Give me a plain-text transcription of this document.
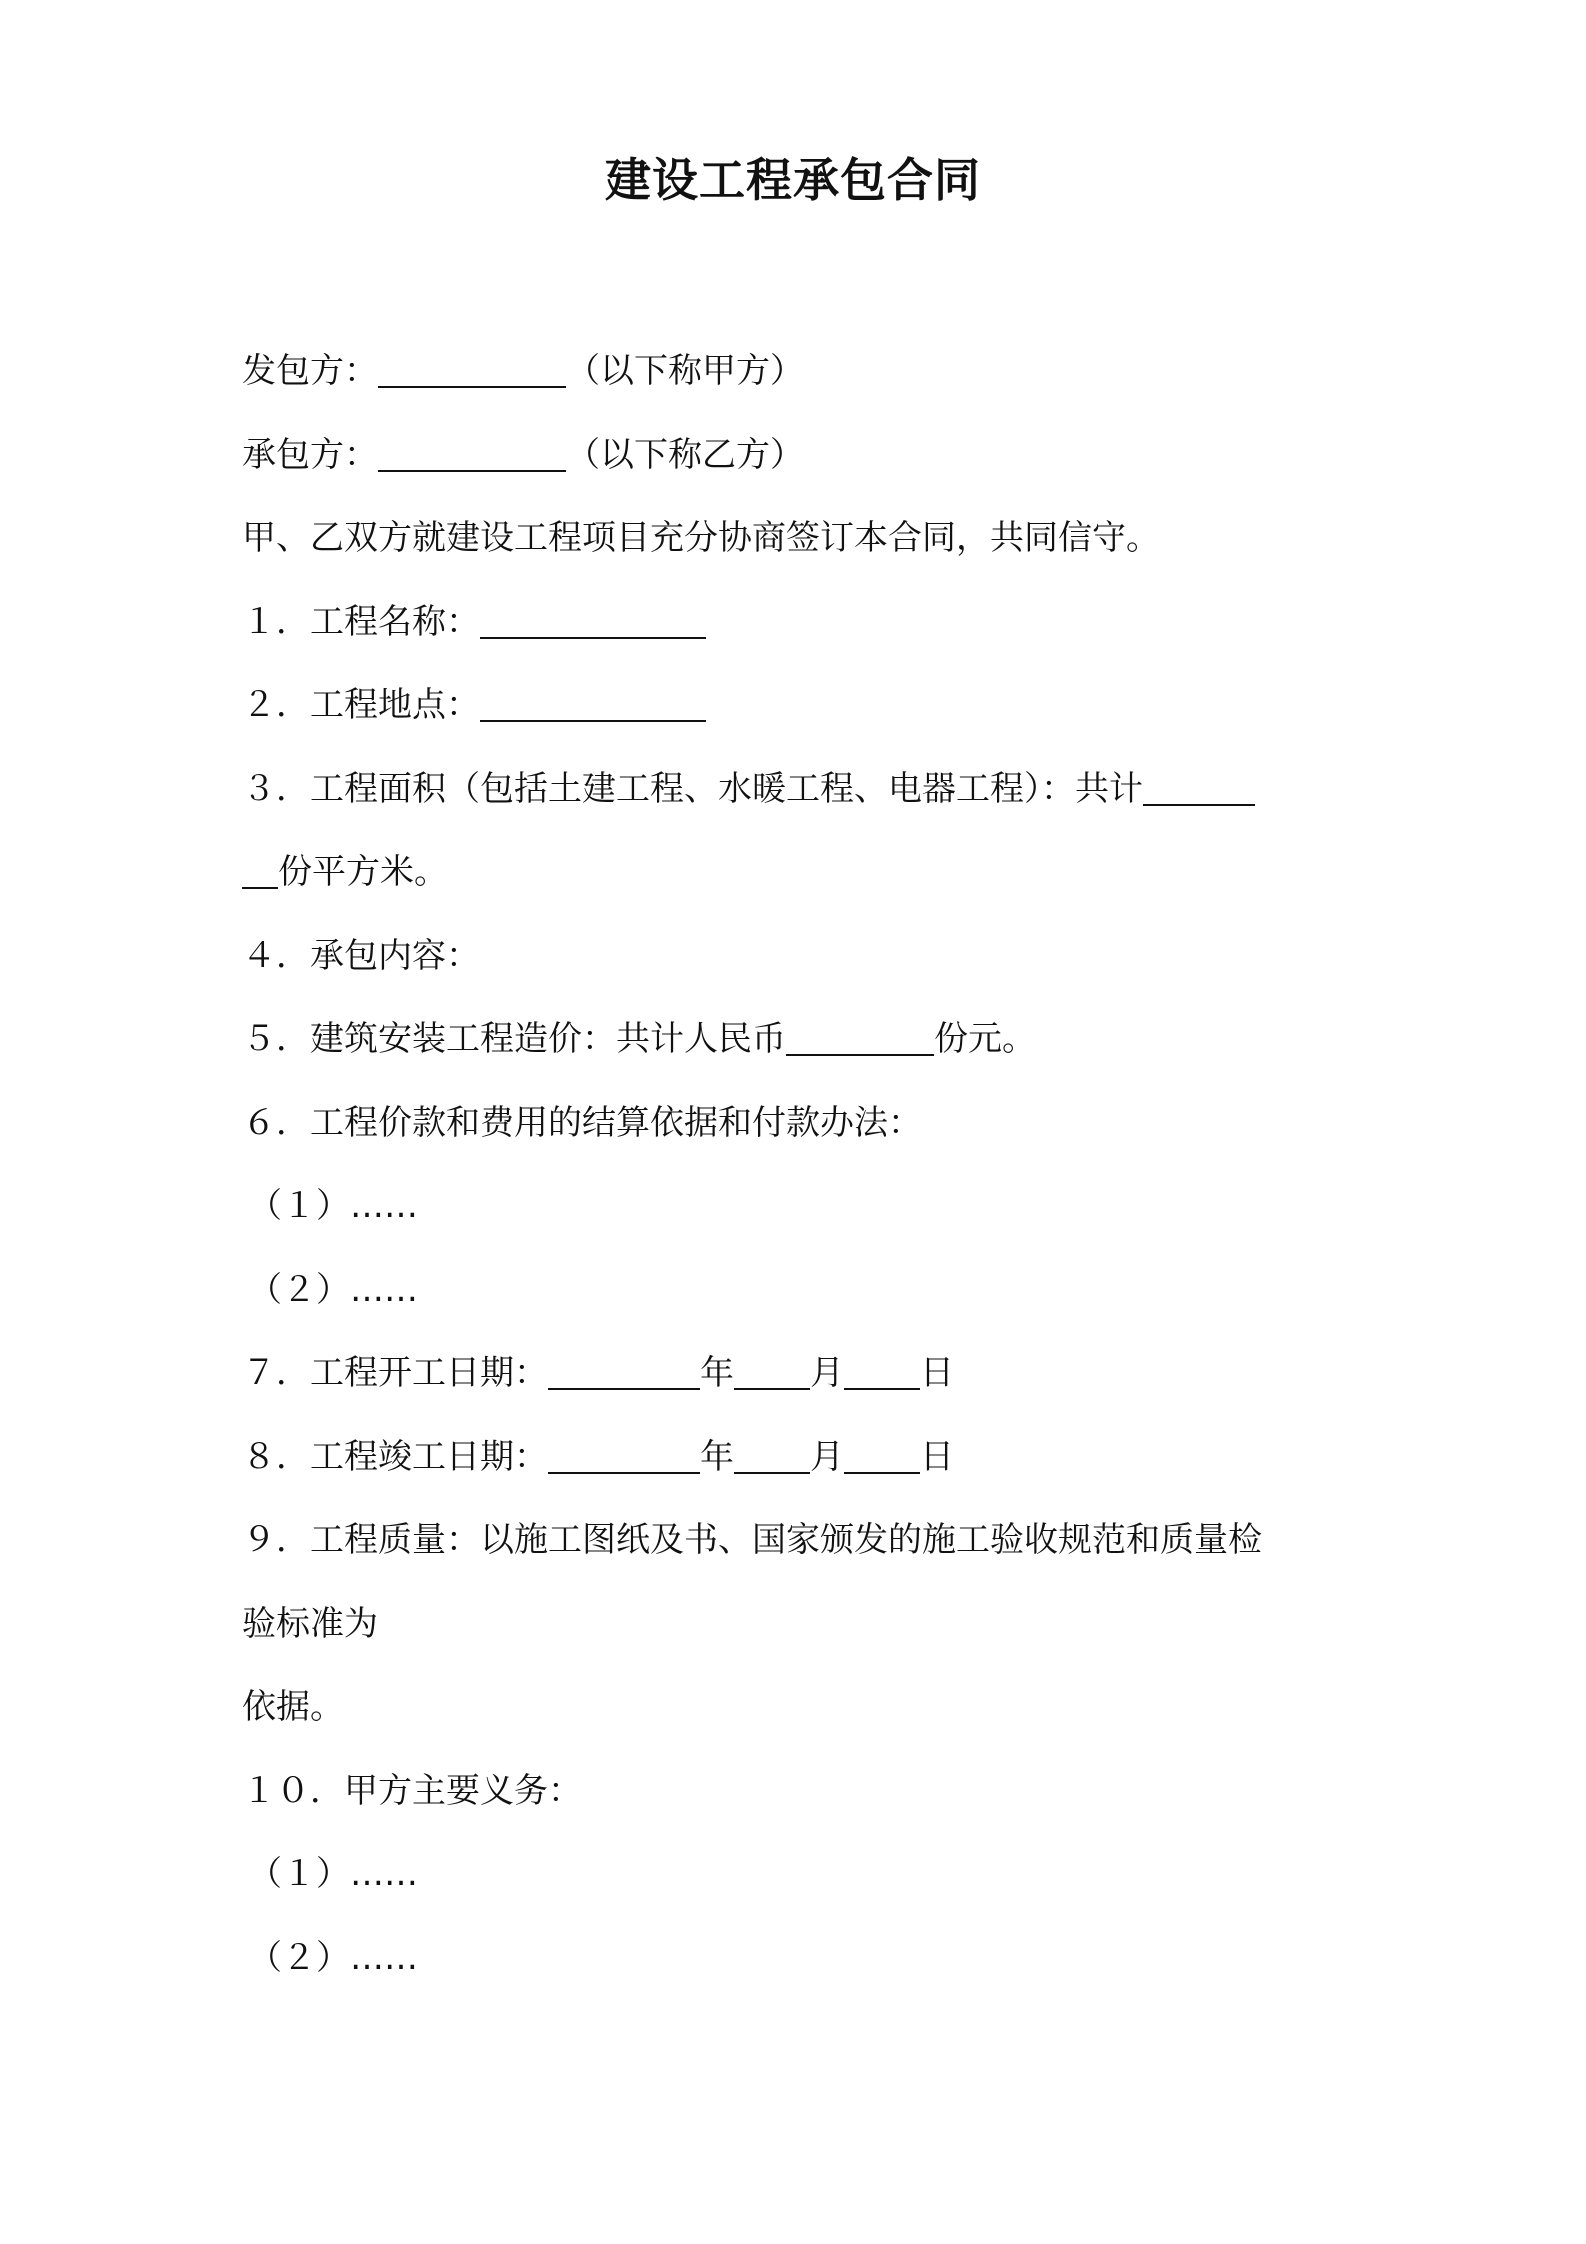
建设工程承包合同
发包方：	（以下称甲方）
承包方：	（以下称乙方）
甲、乙双方就建设工程项目充分协商签订本合同，共同信守。
１．工程名称：
２．工程地点：
３．工程面积（包括土建工程、水暖工程、电器工程）：共计
份平方米。
４．承包内容：
５．建筑安装工程造价：共计人民币	份元。
６．工程价款和费用的结算依据和付款办法：
（１）……
（２）……
７．工程开工日期：	年 月 日
８．工程竣工日期：	年 月 日
９．工程质量：以施工图纸及书、国家颁发的施工验收规范和质量检
验标准为
依据。
１０．甲方主要义务：
（１）……
（２）……
